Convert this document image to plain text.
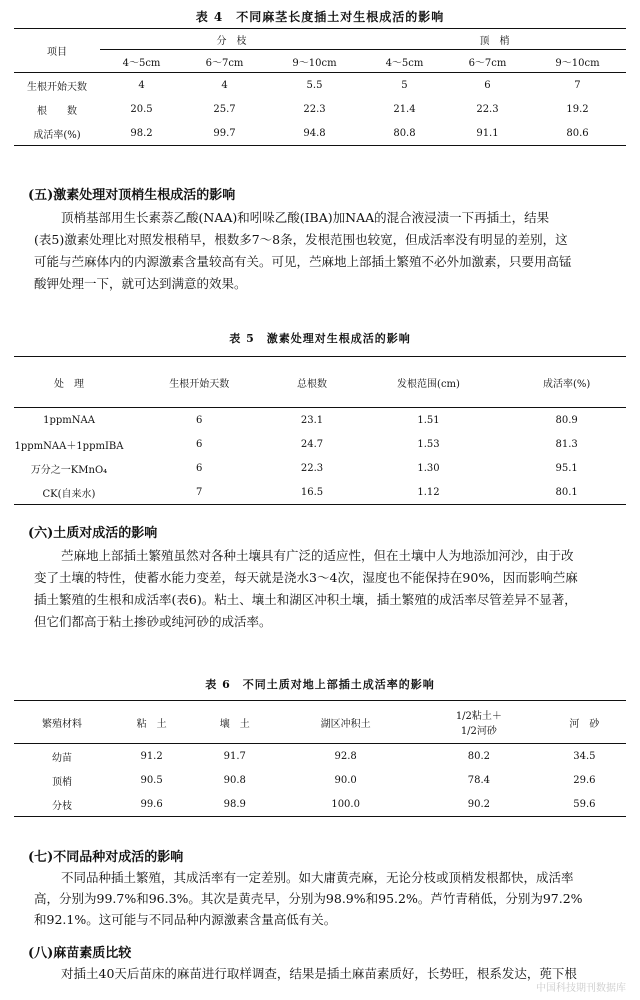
表 4　不同麻茎长度插土对生根成活的影响
项目	分　枝			顶　梢		
	4～5cm	6～7cm	9～10cm	4～5cm	6～7cm	9～10cm
生根开始天数	4	4	5.5	5	6	7
根　　数	20.5	25.7	22.3	21.4	22.3	19.2
成活率(%)	98.2	99.7	94.8	80.8	91.1	80.6

(五)激素处理对顶梢生根成活的影响

顶梢基部用生长素萘乙酸(NAA)和吲哚乙酸(IBA)加NAA的混合液浸渍一下再插土，结果

(表5)激素处理比对照发根稍早，根数多7～8条，发根范围也较宽，但成活率没有明显的差别，这

可能与苎麻体内的内源激素含量较高有关。可见，苎麻地上部插土繁殖不必外加激素，只要用高锰

酸钾处理一下，就可达到满意的效果。

表 5　激素处理对生根成活的影响
处　理	生根开始天数	总根数	发根范围(cm)	成活率(%)
1ppmNAA	6	23.1	1.51	80.9
1ppmNAA＋1ppmIBA	6	24.7	1.53	81.3
万分之一KMnO₄	6	22.3	1.30	95.1
CK(自来水)	7	16.5	1.12	80.1

(六)土质对成活的影响

苎麻地上部插土繁殖虽然对各种土壤具有广泛的适应性，但在土壤中人为地添加河沙，由于改

变了土壤的特性，使蓄水能力变差，每天就是浇水3～4次，湿度也不能保持在90%，因而影响苎麻

插土繁殖的生根和成活率(表6)。粘土、壤土和湖区冲积土壤，插土繁殖的成活率尽管差异不显著，

但它们都高于粘土掺砂或纯河砂的成活率。

表 6　不同土质对地上部插土成活率的影响
繁殖材料	粘　土	壤　土	湖区冲积土	1/2粘土＋
1/2河砂	河　砂
幼苗	91.2	91.7	92.8	80.2	34.5
顶梢	90.5	90.8	90.0	78.4	29.6
分枝	99.6	98.9	100.0	90.2	59.6

(七)不同品种对成活的影响

不同品种插土繁殖，其成活率有一定差别。如大庸黄壳麻，无论分枝或顶梢发根都快，成活率

高，分别为99.7%和96.3%。其次是黄壳早，分别为98.9%和95.2%。芦竹青稍低，分别为97.2%

和92.1%。这可能与不同品种内源激素含量高低有关。

(八)麻苗素质比较

对插土40天后苗床的麻苗进行取样调查，结果是插土麻苗素质好，长势旺，根系发达，蔸下根

中国科技期刊数据库
